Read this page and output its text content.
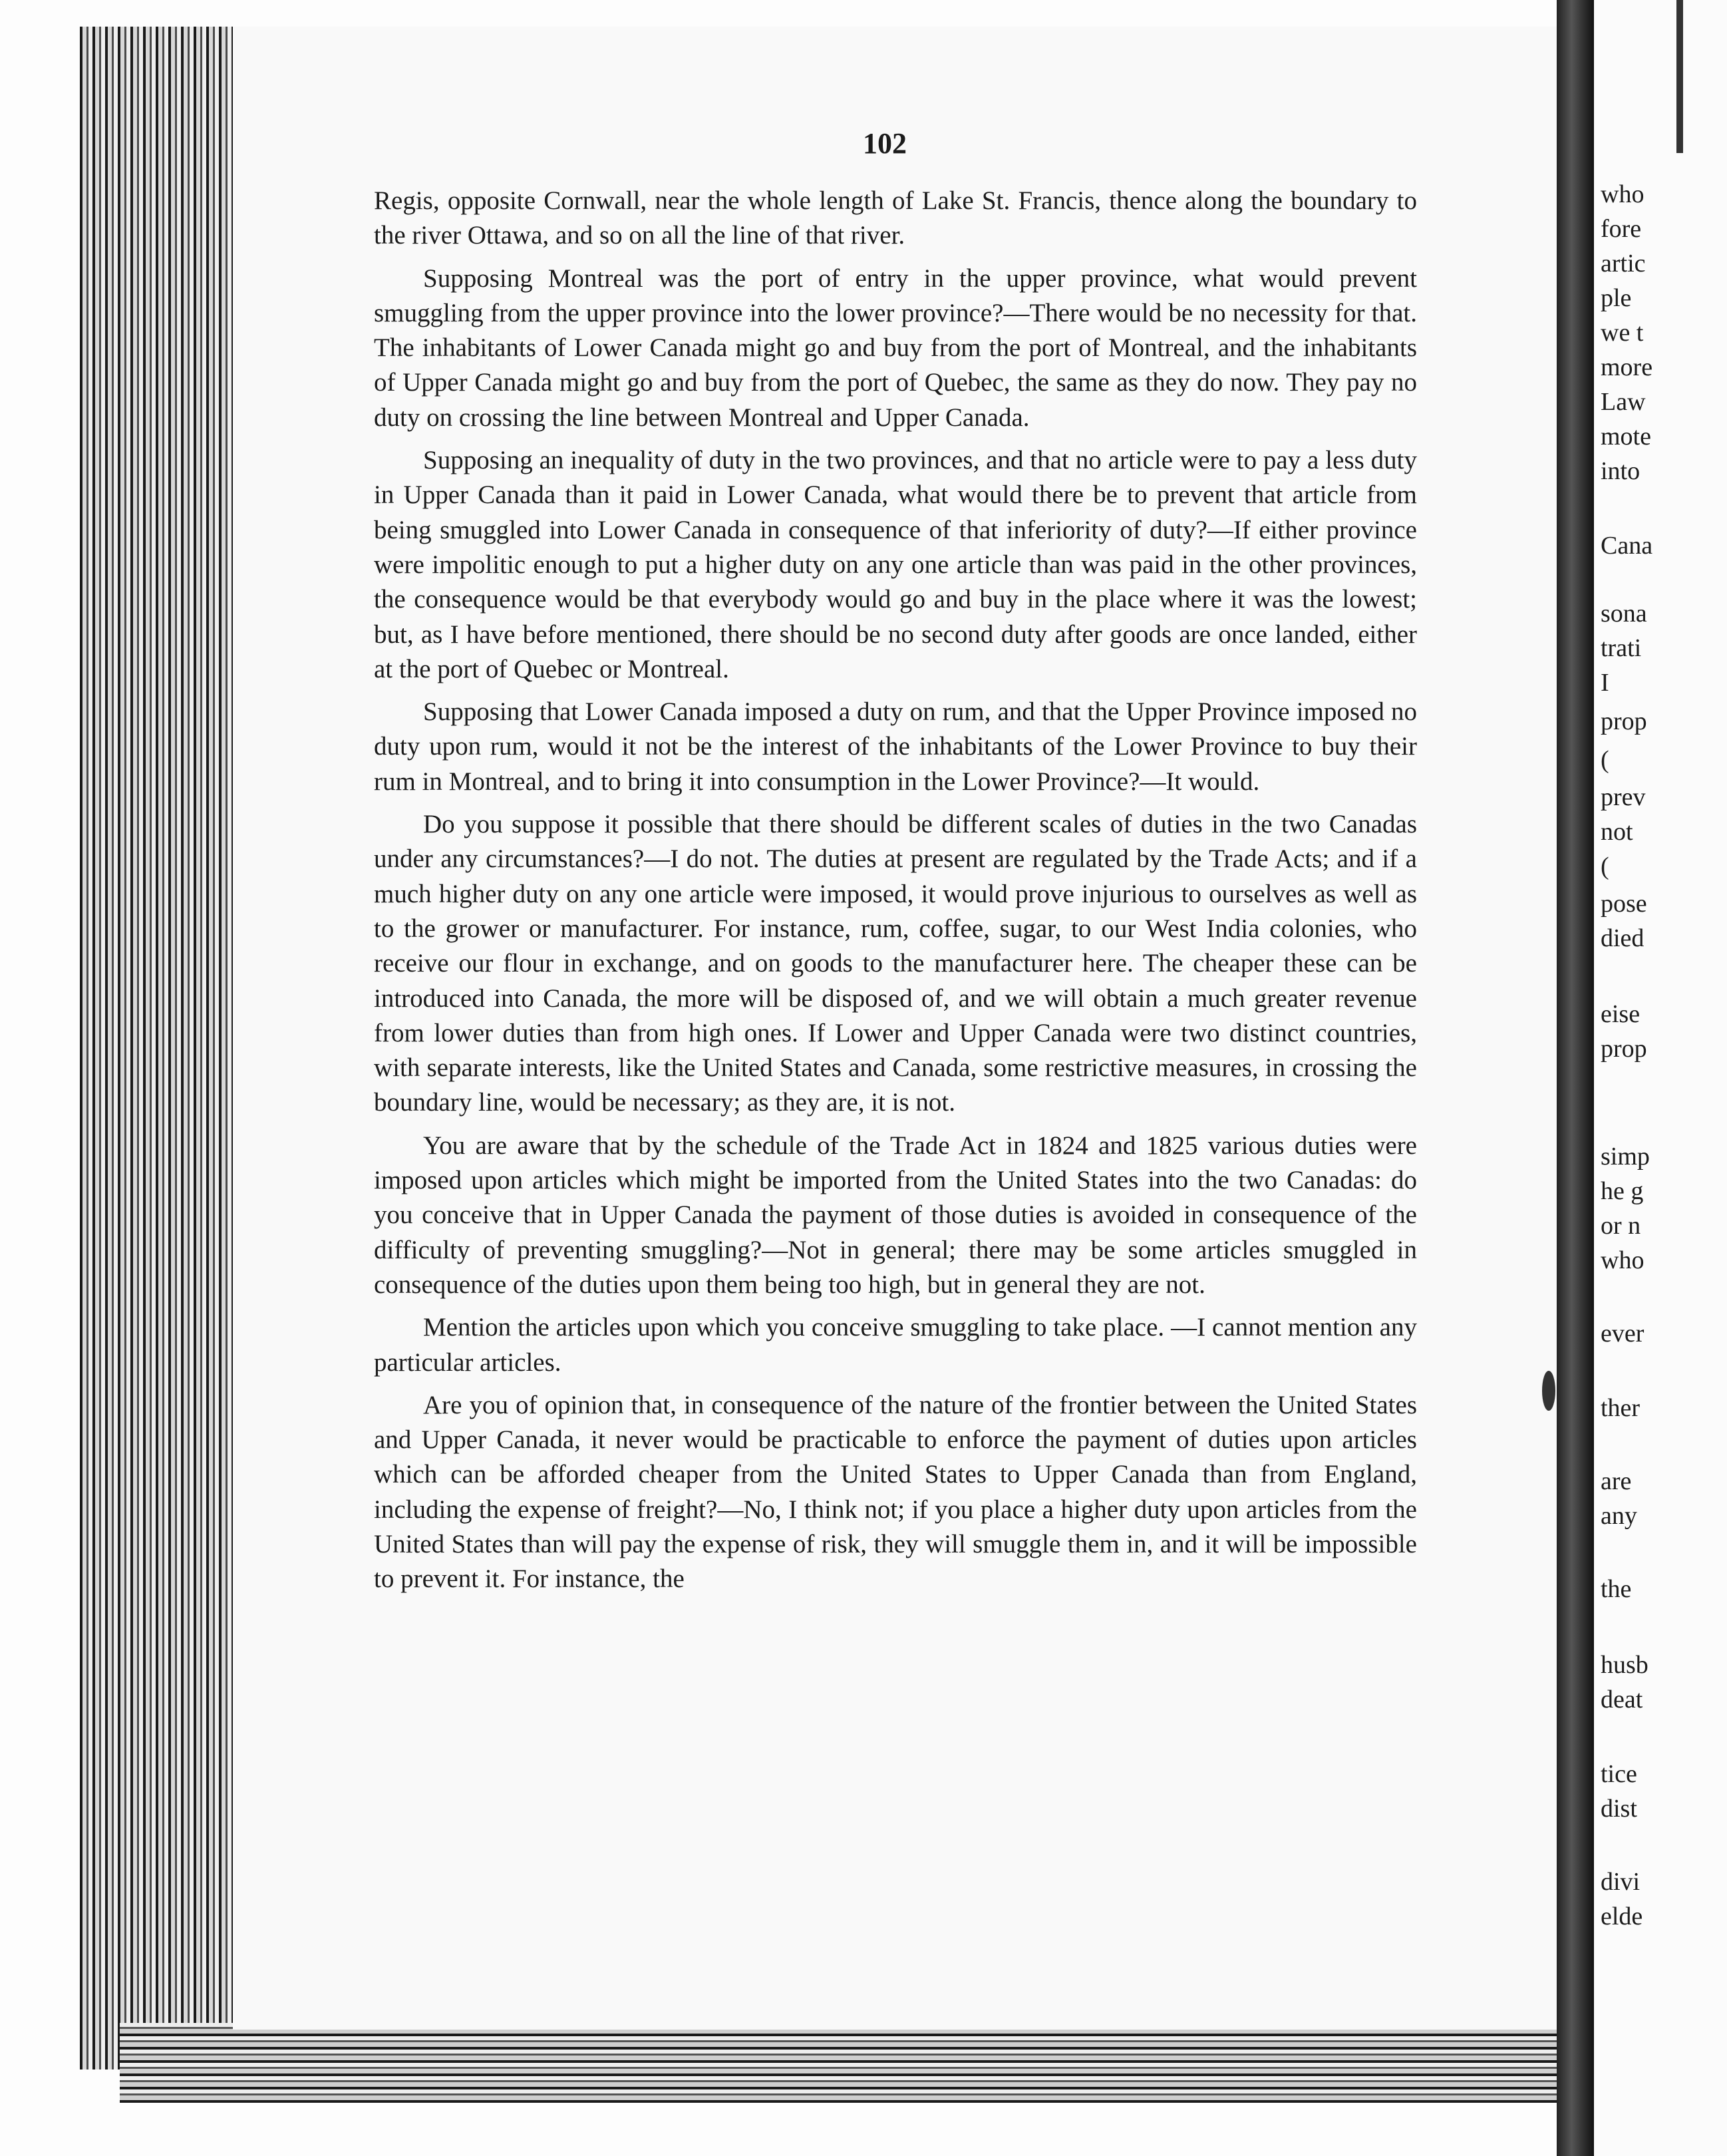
102

Regis, opposite Cornwall, near the whole length of Lake St. Francis, thence along the boundary to the river Ottawa, and so on all the line of that river.

Supposing Montreal was the port of entry in the upper province, what would prevent smuggling from the upper province into the lower province?—There would be no necessity for that. The inhabitants of Lower Canada might go and buy from the port of Montreal, and the inhabitants of Upper Canada might go and buy from the port of Quebec, the same as they do now. They pay no duty on crossing the line between Montreal and Upper Canada.

Supposing an inequality of duty in the two provinces, and that no article were to pay a less duty in Upper Canada than it paid in Lower Canada, what would there be to prevent that article from being smuggled into Lower Canada in consequence of that inferiority of duty?—If either province were impolitic enough to put a higher duty on any one article than was paid in the other provinces, the consequence would be that everybody would go and buy in the place where it was the lowest; but, as I have before mentioned, there should be no second duty after goods are once landed, either at the port of Quebec or Montreal.

Supposing that Lower Canada imposed a duty on rum, and that the Upper Province imposed no duty upon rum, would it not be the interest of the inhabitants of the Lower Province to buy their rum in Montreal, and to bring it into consumption in the Lower Province?—It would.

Do you suppose it possible that there should be different scales of duties in the two Canadas under any circumstances?—I do not. The duties at present are regulated by the Trade Acts; and if a much higher duty on any one article were imposed, it would prove injurious to ourselves as well as to the grower or manufacturer. For instance, rum, coffee, sugar, to our West India colonies, who receive our flour in exchange, and on goods to the manufacturer here. The cheaper these can be introduced into Canada, the more will be disposed of, and we will obtain a much greater revenue from lower duties than from high ones. If Lower and Upper Canada were two distinct countries, with separate interests, like the United States and Canada, some restrictive measures, in crossing the boundary line, would be necessary; as they are, it is not.

You are aware that by the schedule of the Trade Act in 1824 and 1825 various duties were imposed upon articles which might be imported from the United States into the two Canadas: do you conceive that in Upper Canada the payment of those duties is avoided in consequence of the difficulty of preventing smuggling?—Not in general; there may be some articles smuggled in consequence of the duties upon them being too high, but in general they are not.

Mention the articles upon which you conceive smuggling to take place. —I cannot mention any particular articles.

Are you of opinion that, in consequence of the nature of the frontier between the United States and Upper Canada, it never would be practicable to enforce the payment of duties upon articles which can be afforded cheaper from the United States to Upper Canada than from England, including the expense of freight?—No, I think not; if you place a higher duty upon articles from the United States than will pay the expense of risk, they will smuggle them in, and it will be impossible to prevent it. For instance, the

who
fore
artic
ple
we t
more
Law
mote
into
Cana
sona
trati
I
prop
(
prev
not
(
pose
died
eise
prop
simp
he g
or n
who
ever
ther
are
any
the
husb
deat
tice
dist
divi
elde
